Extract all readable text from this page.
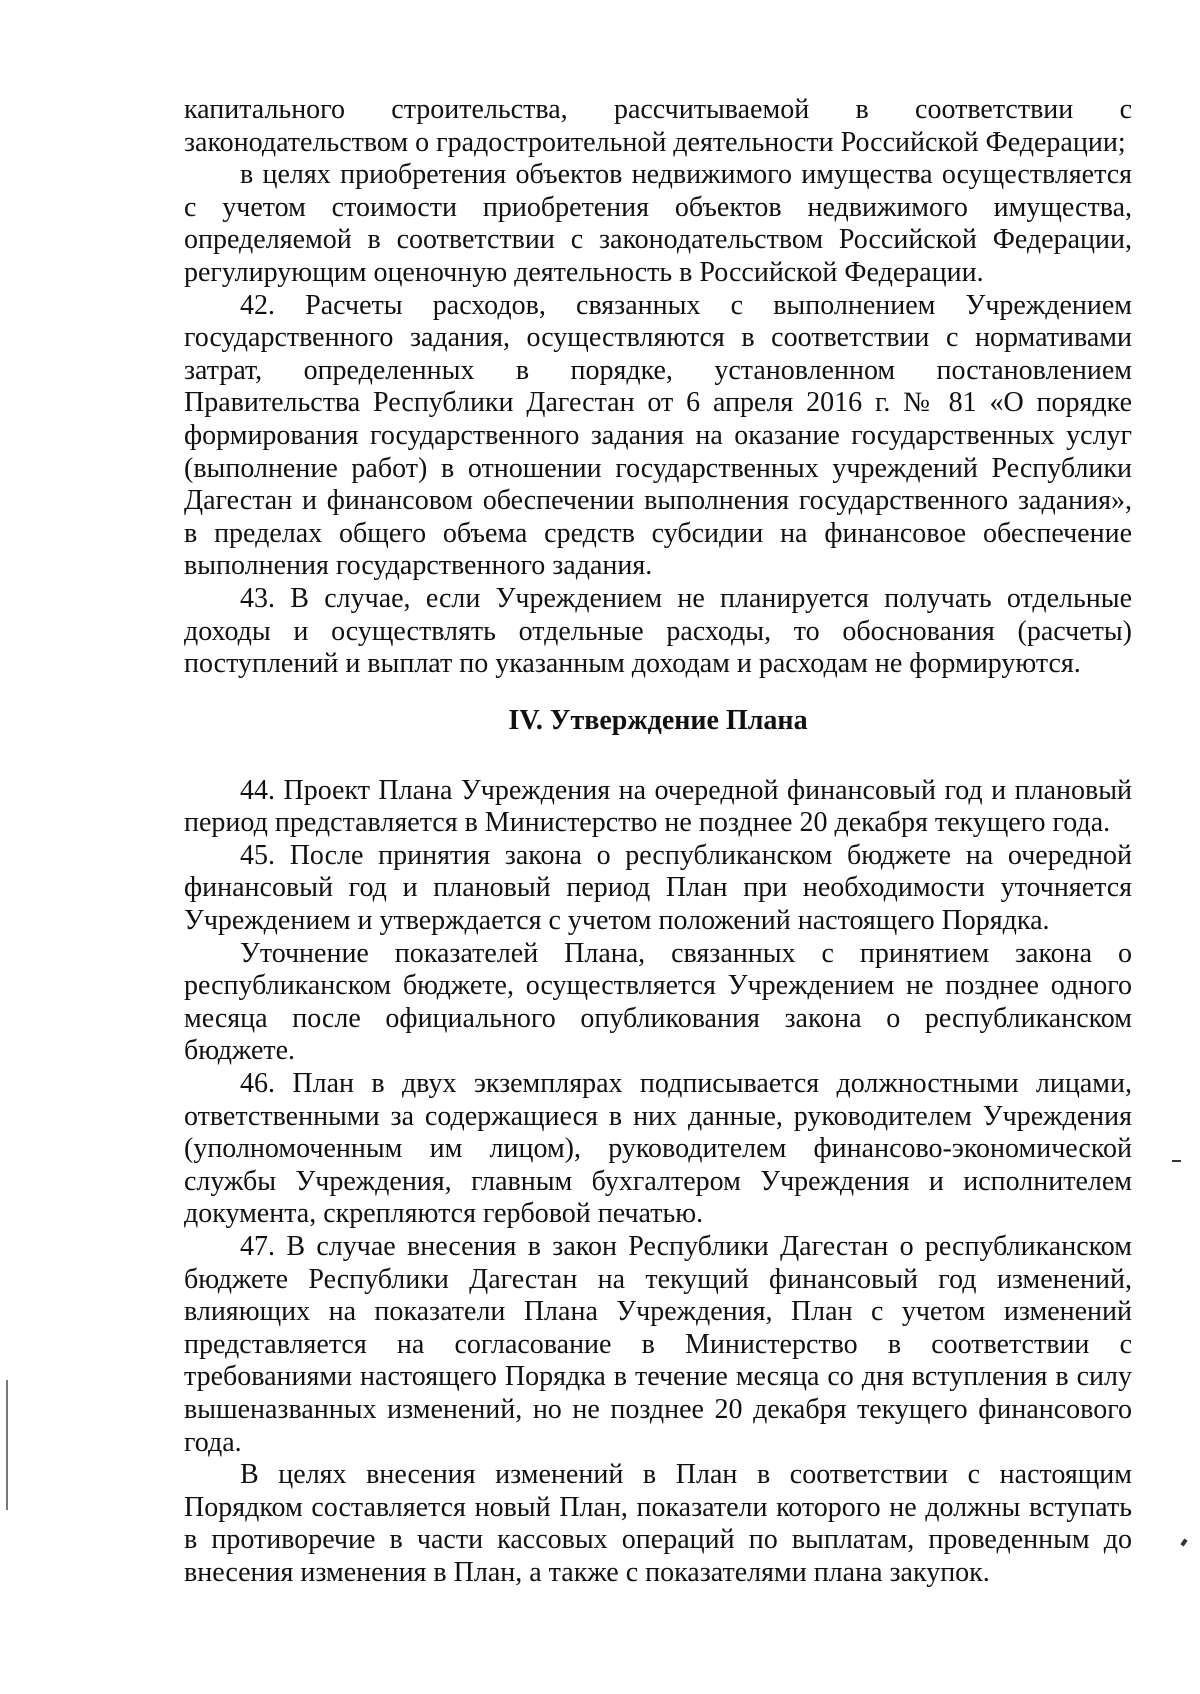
капитального строительства, рассчитываемой в соответствии с законодательством о градостроительной деятельности Российской Федерации;

в целях приобретения объектов недвижимого имущества осуществляется с учетом стоимости приобретения объектов недвижимого имущества, определяемой в соответствии с законодательством Российской Федерации, регулирующим оценочную деятельность в Российской Федерации.

42. Расчеты расходов, связанных с выполнением Учреждением государственного задания, осуществляются в соответствии с нормативами затрат, определенных в порядке, установленном постановлением Правительства Республики Дагестан от 6 апреля 2016 г. № 81 «О порядке формирования государственного задания на оказание государственных услуг (выполнение работ) в отношении государственных учреждений Республики Дагестан и финансовом обеспечении выполнения государственного задания», в пределах общего объема средств субсидии на финансовое обеспечение выполнения государственного задания.

43. В случае, если Учреждением не планируется получать отдельные доходы и осуществлять отдельные расходы, то обоснования (расчеты) поступлений и выплат по указанным доходам и расходам не формируются.

IV. Утверждение Плана

44. Проект Плана Учреждения на очередной финансовый год и плановый период представляется в Министерство не позднее 20 декабря текущего года.

45. После принятия закона о республиканском бюджете на очередной финансовый год и плановый период План при необходимости уточняется Учреждением и утверждается с учетом положений настоящего Порядка.

Уточнение показателей Плана, связанных с принятием закона о республиканском бюджете, осуществляется Учреждением не позднее одного месяца после официального опубликования закона о республиканском бюджете.

46. План в двух экземплярах подписывается должностными лицами, ответственными за содержащиеся в них данные, руководителем Учреждения (уполномоченным им лицом), руководителем финансово-экономической службы Учреждения, главным бухгалтером Учреждения и исполнителем документа, скрепляются гербовой печатью.

47. В случае внесения в закон Республики Дагестан о республиканском бюджете Республики Дагестан на текущий финансовый год изменений, влияющих на показатели Плана Учреждения, План с учетом изменений представляется на согласование в Министерство в соответствии с требованиями настоящего Порядка в течение месяца со дня вступления в силу вышеназванных изменений, но не позднее 20 декабря текущего финансового года.

В целях внесения изменений в План в соответствии с настоящим Порядком составляется новый План, показатели которого не должны вступать в противоречие в части кассовых операций по выплатам, проведенным до внесения изменения в План, а также с показателями плана закупок.
